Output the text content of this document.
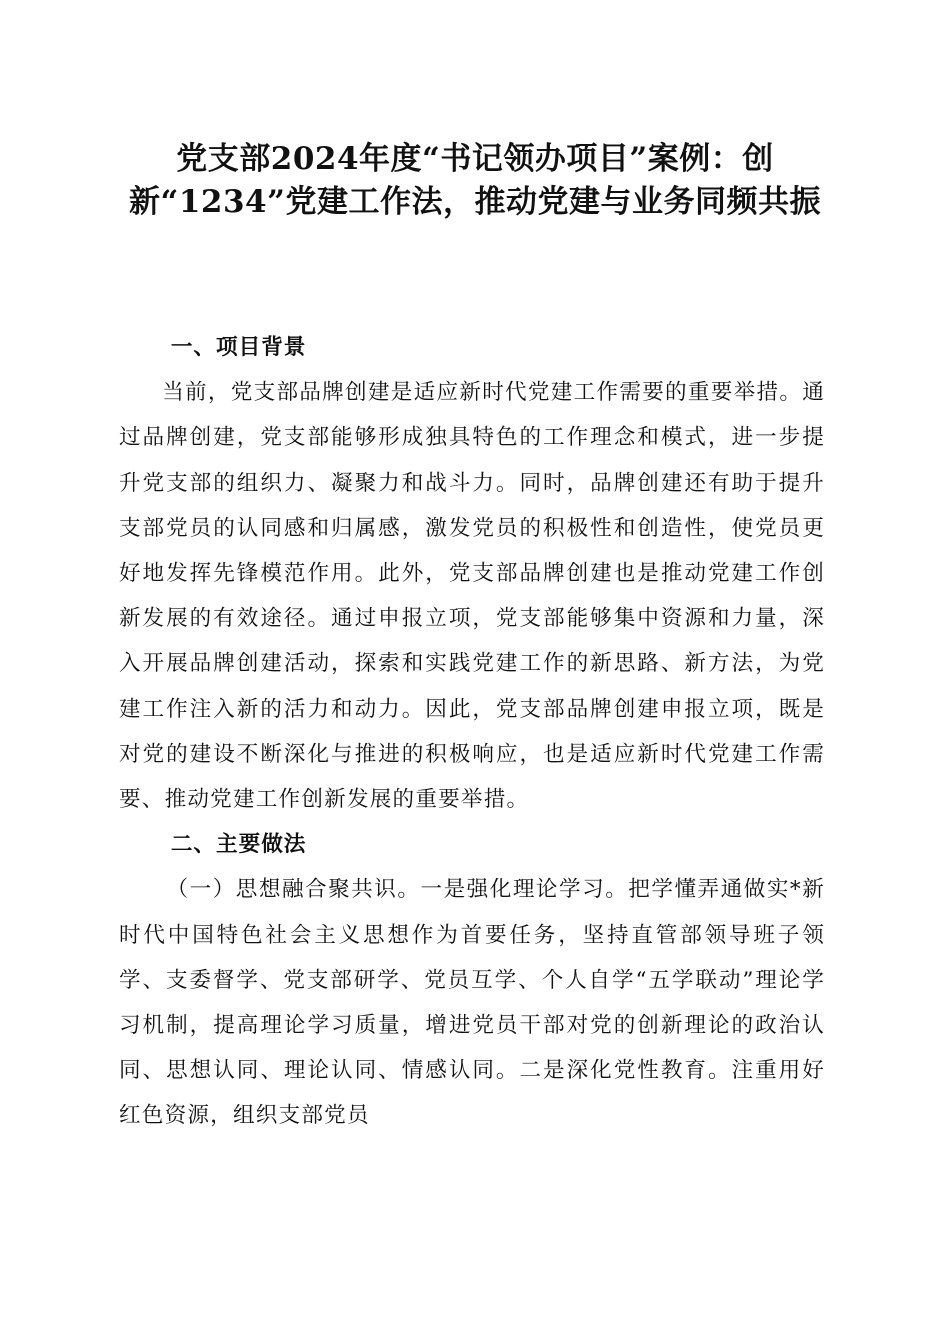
党支部2024年度“书记领办项目”案例：创新“1234”党建工作法，推动党建与业务同频共振
一、项目背景

当前，党支部品牌创建是适应新时代党建工作需要的重要举措。通过品牌创建，党支部能够形成独具特色的工作理念和模式，进一步提升党支部的组织力、凝聚力和战斗力。同时，品牌创建还有助于提升支部党员的认同感和归属感，激发党员的积极性和创造性，使党员更好地发挥先锋模范作用。此外，党支部品牌创建也是推动党建工作创新发展的有效途径。通过申报立项，党支部能够集中资源和力量，深入开展品牌创建活动，探索和实践党建工作的新思路、新方法，为党建工作注入新的活力和动力。因此，党支部品牌创建申报立项，既是对党的建设不断深化与推进的积极响应，也是适应新时代党建工作需要、推动党建工作创新发展的重要举措。

二、主要做法

（一）思想融合聚共识。一是强化理论学习。把学懂弄通做实*新时代中国特色社会主义思想作为首要任务，坚持直管部领导班子领学、支委督学、党支部研学、党员互学、个人自学“五学联动”理论学习机制，提高理论学习质量，增进党员干部对党的创新理论的政治认同、思想认同、理论认同、情感认同。二是深化党性教育。注重用好红色资源，组织支部党员
